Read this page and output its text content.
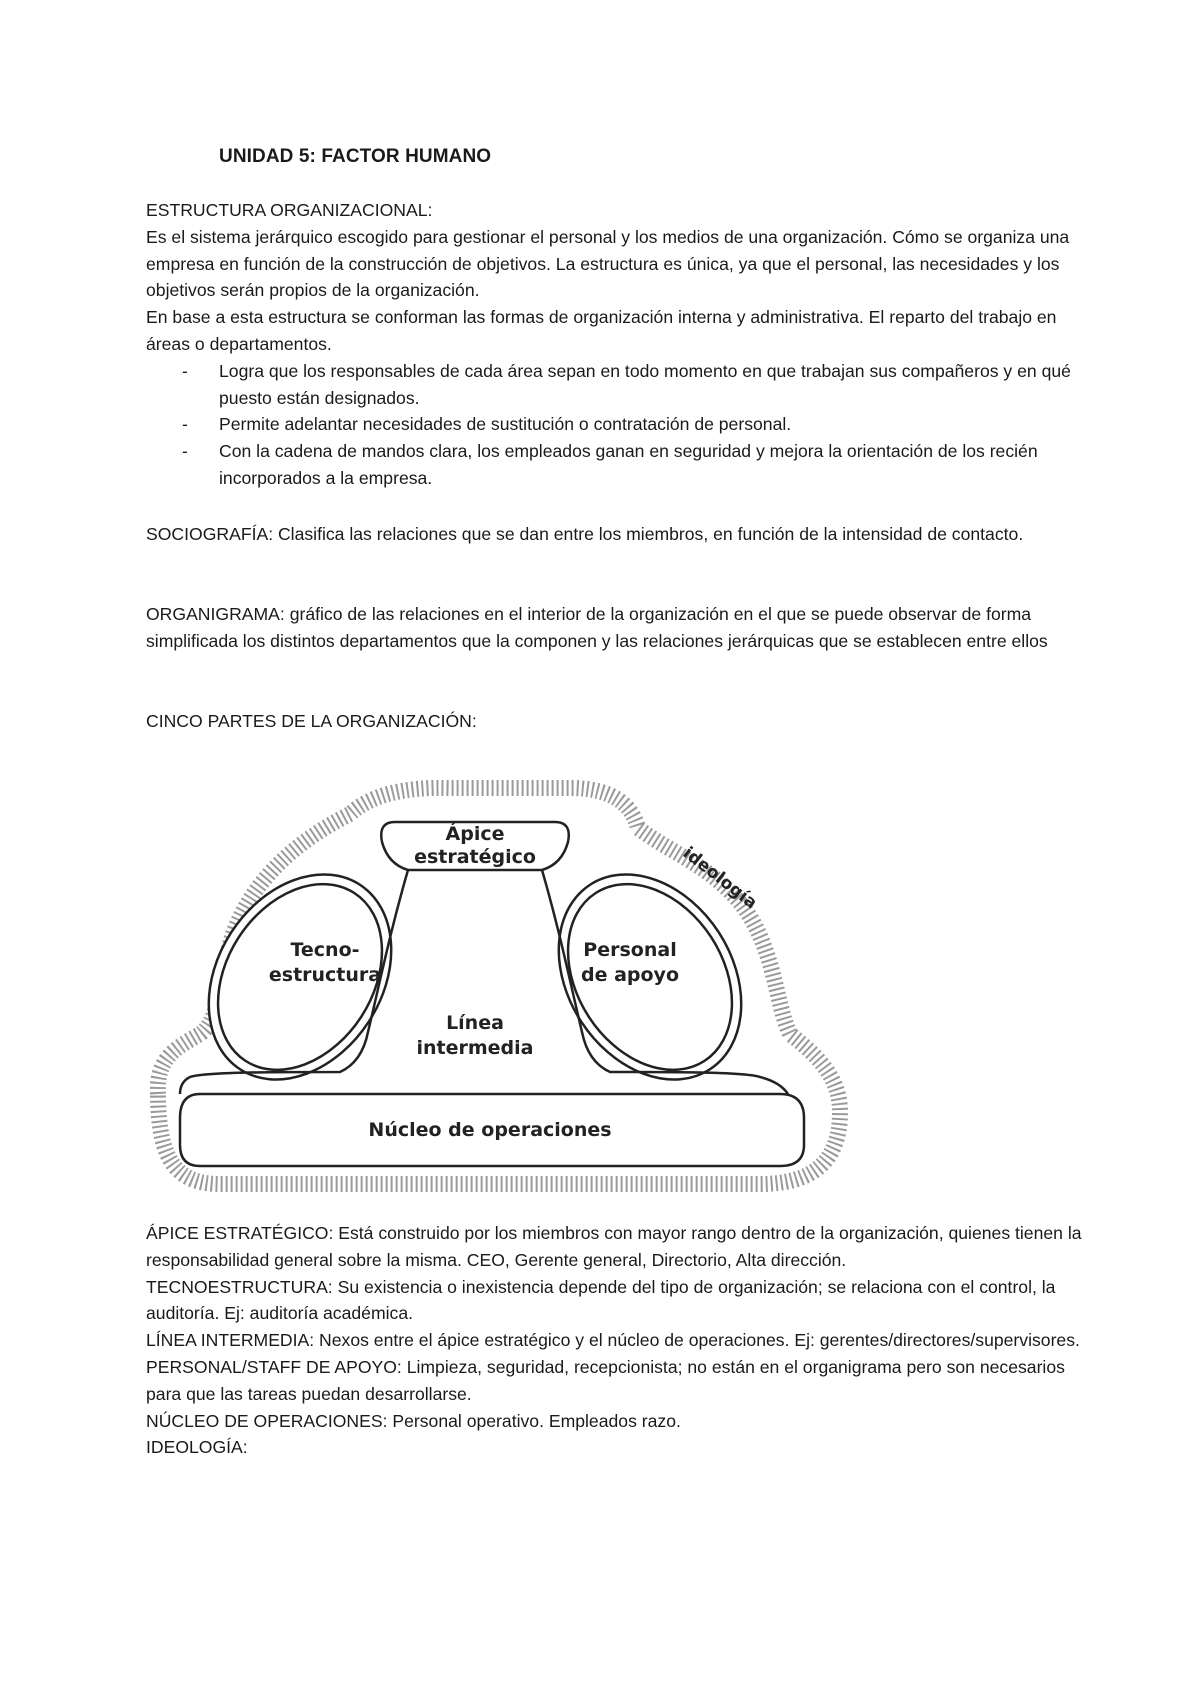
UNIDAD 5: FACTOR HUMANO

ESTRUCTURA ORGANIZACIONAL:

Es el sistema jerárquico escogido para gestionar el personal y los medios de una organización. Cómo se organiza una empresa en función de la construcción de objetivos. La estructura es única, ya que el personal, las necesidades y los objetivos serán propios de la organización.

En base a esta estructura se conforman las formas de organización interna y administrativa. El reparto del trabajo en áreas o departamentos.

- Logra que los responsables de cada área sepan en todo momento en que trabajan sus compañeros y en qué puesto están designados.
- Permite adelantar necesidades de sustitución o contratación de personal.
- Con la cadena de mandos clara, los empleados ganan en seguridad y mejora la orientación de los recién incorporados a la empresa.
SOCIOGRAFÍA: Clasifica las relaciones que se dan entre los miembros, en función de la intensidad de contacto.
ORGANIGRAMA: gráfico de las relaciones en el interior de la organización en el que se puede observar de forma simplificada los distintos departamentos que la componen y las relaciones jerárquicas que se establecen entre ellos
CINCO PARTES DE LA ORGANIZACIÓN:
Ápice
estratégico
Tecno-
estructura
Personal
de apoyo
Línea
intermedia
Núcleo de operaciones
ideología

ÁPICE ESTRATÉGICO: Está construido por los miembros con mayor rango dentro de la organización, quienes tienen la responsabilidad general sobre la misma. CEO, Gerente general, Directorio, Alta dirección.

TECNOESTRUCTURA: Su existencia o inexistencia depende del tipo de organización; se relaciona con el control, la auditoría. Ej: auditoría académica.

LÍNEA INTERMEDIA: Nexos entre el ápice estratégico y el núcleo de operaciones. Ej: gerentes/directores/supervisores.

PERSONAL/STAFF DE APOYO: Limpieza, seguridad, recepcionista; no están en el organigrama pero son necesarios para que las tareas puedan desarrollarse.

NÚCLEO DE OPERACIONES: Personal operativo. Empleados razo.

IDEOLOGÍA:
